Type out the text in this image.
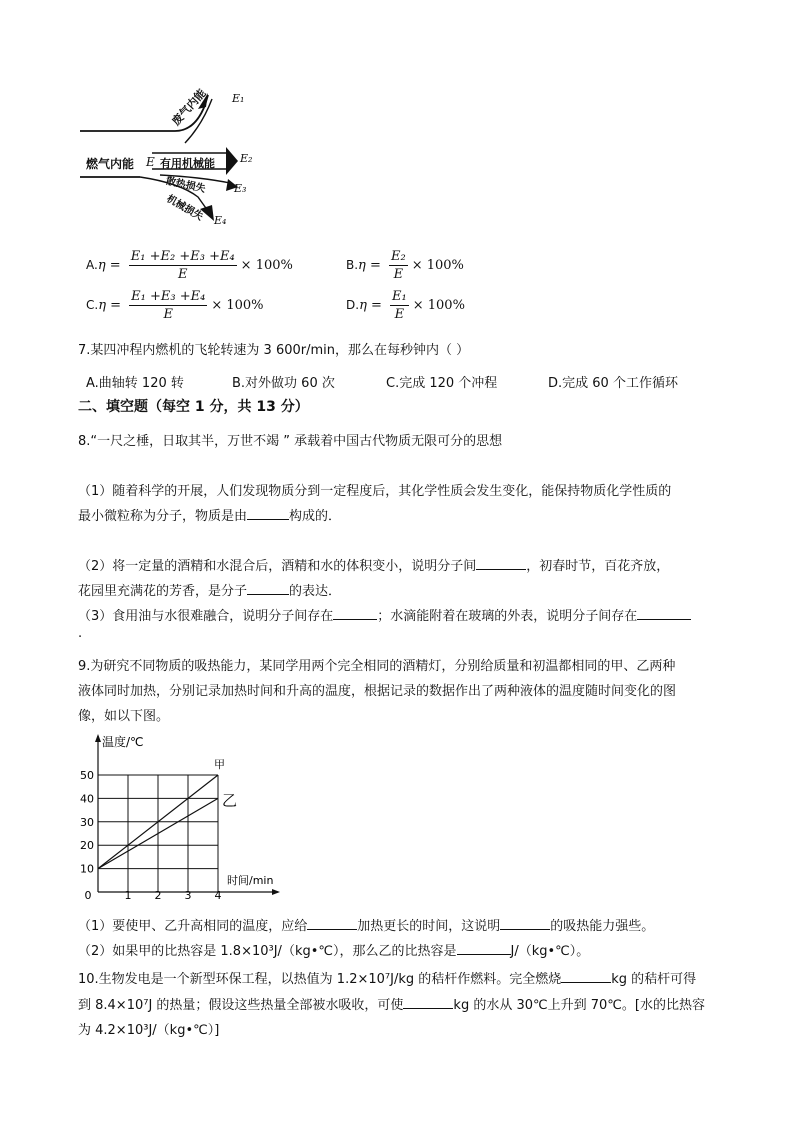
E₁
E₂
E₃
E₄
燃气内能 E
废气内能
有用机械能
散热损失
机械损失
$A.\eta = \frac{\text{E₁ +E₂ +E₃ +E₄}}{E} \times 100\%$	$B.\eta = \frac{\text{E₂}}{E} \times 100\%$
$C.\eta = \frac{\text{E₁ +E₃ +E₄}}{E} \times 100\%$	$D.\eta = \frac{\text{E₁}}{E} \times 100\%$
7.某四冲程内燃机的飞轮转速为 3 600r/min，那么在每秒钟内（ ）
A.曲轴转 120 转	B.对外做功 60 次	C.完成 120 个冲程	D.完成 60 个工作循环
二、填空题（每空 1 分，共 13 分）
8.“一尺之棰，日取其半，万世不竭 ” 承载着中国古代物质无限可分的思想
（1）随着科学的开展，人们发现物质分到一定程度后，其化学性质会发生变化，能保持物质化学性质的
最小微粒称为分子，物质是由	构成的．
（2）将一定量的酒精和水混合后，酒精和水的体积变小，说明分子间	，初春时节，百花齐放，
花园里充满花的芳香，是分子	的表达．
（3）食用油与水很难融合，说明分子间存在	；水滴能附着在玻璃的外表，说明分子间存在
.
9.为研究不同物质的吸热能力，某同学用两个完全相同的酒精灯，分别给质量和初温都相同的甲、乙两种
液体同时加热，分别记录加热时间和升高的温度，根据记录的数据作出了两种液体的温度随时间变化的图
像，如以下图。
0	1 2 3 4
10
20
30
40
50
温度/℃
时间/min
甲
乙
（1）要使甲、乙升高相同的温度，应给	加热更长的时间，这说明	的吸热能力强些。
（2）如果甲的比热容是 1.8×10³J/（kg•℃），那么乙的比热容是	J/（kg•℃）。
10.生物发电是一个新型环保工程，以热值为 1.2×10⁷J/kg 的秸杆作燃料。完全燃烧	kg 的秸杆可得
到 8.4×10⁷J 的热量；假设这些热量全部被水吸收，可使	kg 的水从 30℃上升到 70℃。[水的比热容
为 4.2×10³J/（kg•℃）]
